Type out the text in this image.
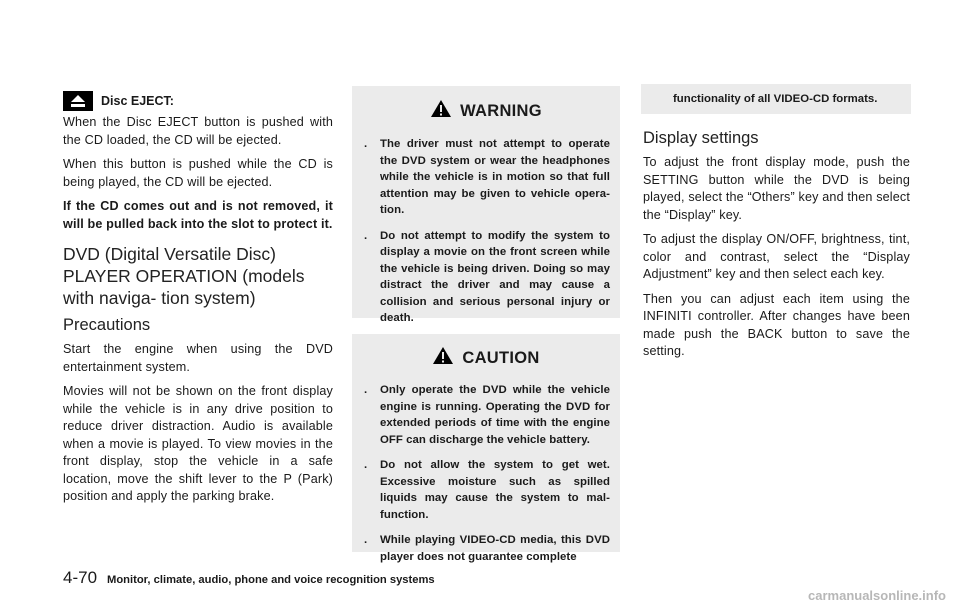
Disc EJECT:

When the Disc EJECT button is pushed with the CD loaded, the CD will be ejected.

When this button is pushed while the CD is being played, the CD will be ejected.

If the CD comes out and is not removed, it will be pulled back into the slot to protect it.

DVD (Digital Versatile Disc) PLAYER OPERATION (models with naviga- tion system)
Precautions

Start the engine when using the DVD entertainment system.

Movies will not be shown on the front display while the vehicle is in any drive position to reduce driver distraction. Audio is available when a movie is played. To view movies in the front display, stop the vehicle in a safe location, move the shift lever to the P (Park) position and apply the parking brake.

WARNING
. The driver must not attempt to operate the DVD system or wear the headphones while the vehicle is in motion so that full attention may be given to vehicle opera- tion.
. Do not attempt to modify the system to display a movie on the front screen while the vehicle is being driven. Doing so may distract the driver and may cause a collision and serious personal injury or death.
CAUTION
. Only operate the DVD while the vehicle engine is running. Operating the DVD for extended periods of time with the engine OFF can discharge the vehicle battery.
. Do not allow the system to get wet. Excessive moisture such as spilled liquids may cause the system to mal- function.
. While playing VIDEO-CD media, this DVD player does not guarantee complete
functionality of all VIDEO-CD formats.
Display settings

To adjust the front display mode, push the SETTING button while the DVD is being played, select the “Others” key and then select the “Display” key.

To adjust the display ON/OFF, brightness, tint, color and contrast, select the “Display Adjustment” key and then select each key.

Then you can adjust each item using the INFINITI controller. After changes have been made push the BACK button to save the setting.

4-70 Monitor, climate, audio, phone and voice recognition systems
carmanualsonline.info
